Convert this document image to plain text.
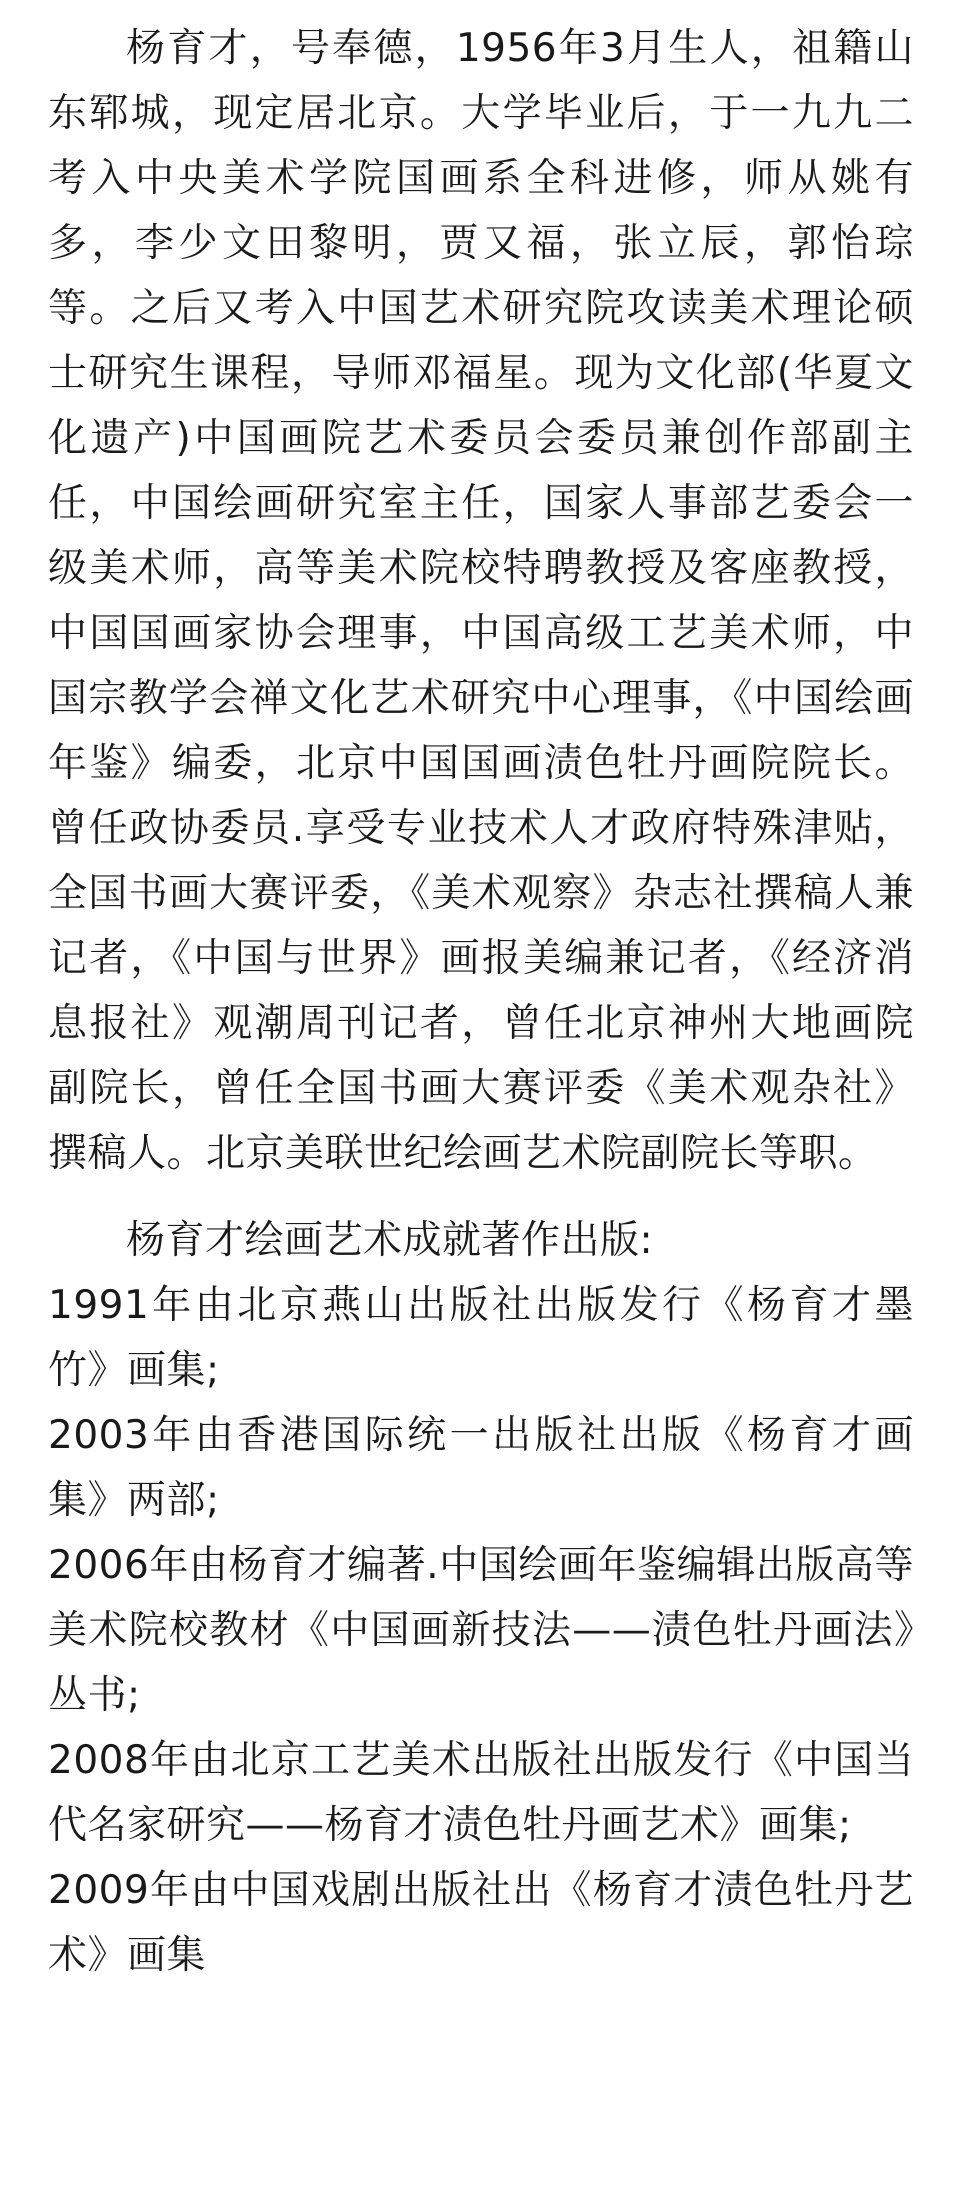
杨育才，号奉德，1956年3月生人，祖籍山东郓城，现定居北京。大学毕业后，于一九九二考入中央美术学院国画系全科进修，师从姚有多，李少文田黎明，贾又福，张立辰，郭怡琮等。之后又考入中国艺术研究院攻读美术理论硕士研究生课程，导师邓福星。现为文化部(华夏文化遗产)中国画院艺术委员会委员兼创作部副主任，中国绘画研究室主任，国家人事部艺委会一级美术师，高等美术院校特聘教授及客座教授，中国国画家协会理事，中国高级工艺美术师，中国宗教学会禅文化艺术研究中心理事，《中国绘画年鉴》编委，北京中国国画渍色牡丹画院院长。曾任政协委员.享受专业技术人才政府特殊津贴，全国书画大赛评委，《美术观察》杂志社撰稿人兼记者，《中国与世界》画报美编兼记者，《经济消息报社》观潮周刊记者，曾任北京神州大地画院副院长，曾任全国书画大赛评委《美术观杂社》撰稿人。北京美联世纪绘画艺术院副院长等职。

杨育才绘画艺术成就著作出版:

1991年由北京燕山出版社出版发行《杨育才墨竹》画集;
2003年由香港国际统一出版社出版《杨育才画集》两部;
2006年由杨育才编著.中国绘画年鉴编辑出版高等美术院校教材《中国画新技法——渍色牡丹画法》丛书;
2008年由北京工艺美术出版社出版发行《中国当代名家研究——杨育才渍色牡丹画艺术》画集;
2009年由中国戏剧出版社出《杨育才渍色牡丹艺术》画集
